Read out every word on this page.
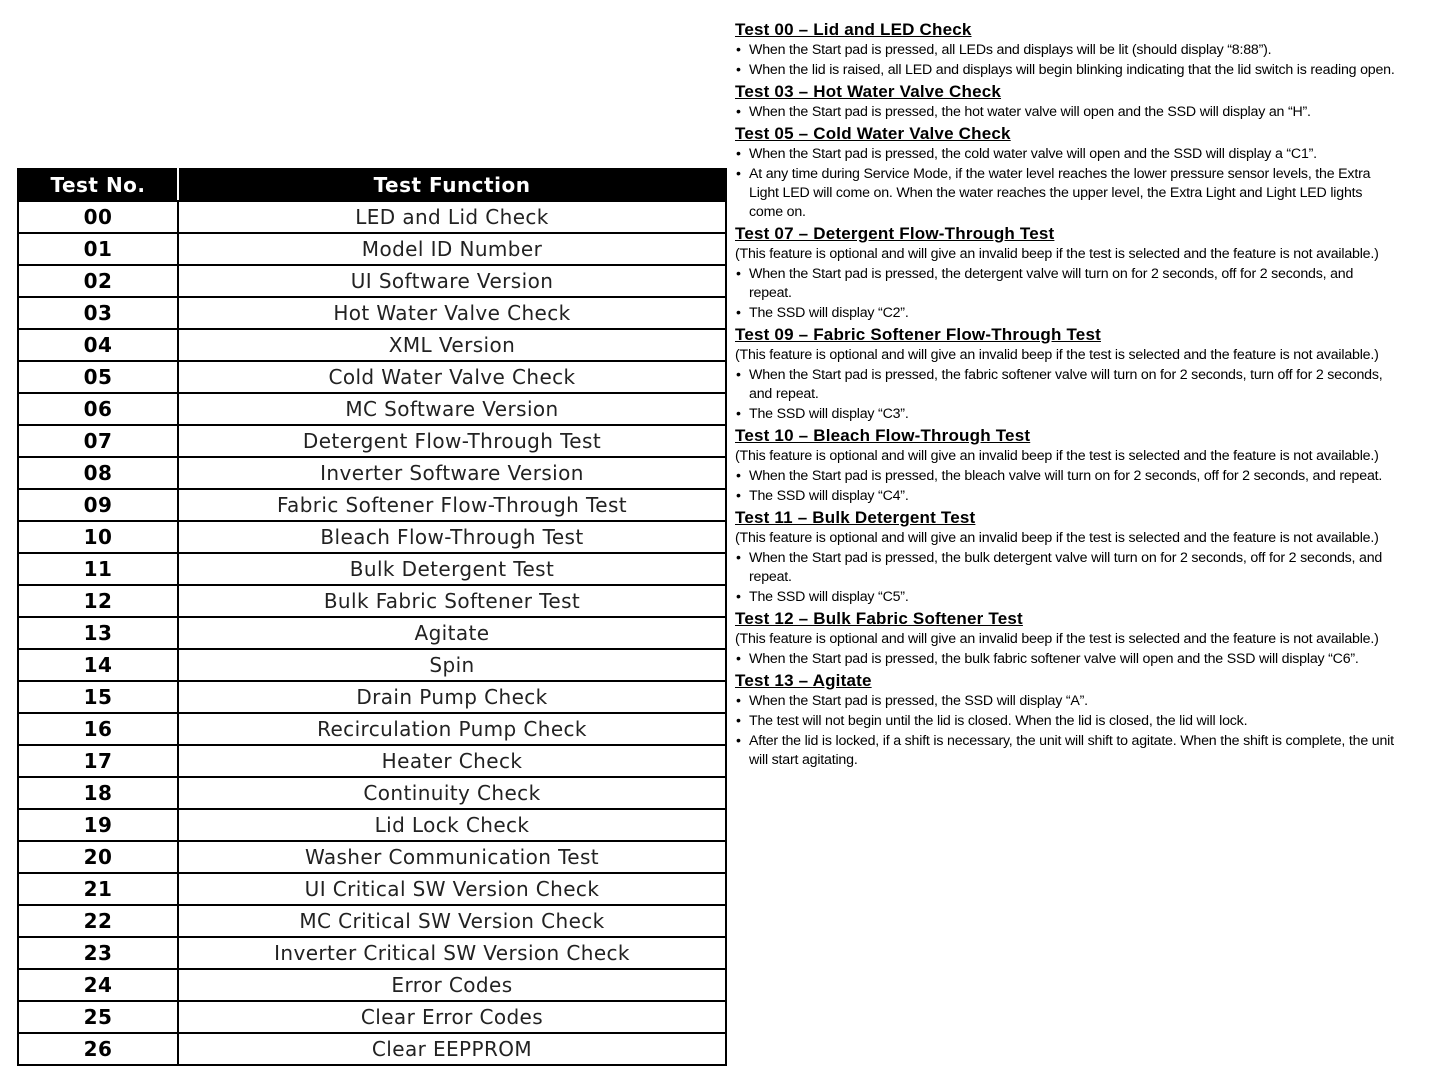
Test No.	Test Function
00	LED and Lid Check
01	Model ID Number
02	UI Software Version
03	Hot Water Valve Check
04	XML Version
05	Cold Water Valve Check
06	MC Software Version
07	Detergent Flow-Through Test
08	Inverter Software Version
09	Fabric Softener Flow-Through Test
10	Bleach Flow-Through Test
11	Bulk Detergent Test
12	Bulk Fabric Softener Test
13	Agitate
14	Spin
15	Drain Pump Check
16	Recirculation Pump Check
17	Heater Check
18	Continuity Check
19	Lid Lock Check
20	Washer Communication Test
21	UI Critical SW Version Check
22	MC Critical SW Version Check
23	Inverter Critical SW Version Check
24	Error Codes
25	Clear Error Codes
26	Clear EEPPROM
Test 00 – Lid and LED Check
• When the Start pad is pressed, all LEDs and displays will be lit (should display “8:88”).
• When the lid is raised, all LED and displays will begin blinking indicating that the lid switch is reading open.
Test 03 – Hot Water Valve Check
• When the Start pad is pressed, the hot water valve will open and the SSD will display an “H”.
Test 05 – Cold Water Valve Check
• When the Start pad is pressed, the cold water valve will open and the SSD will display a “C1”.
• At any time during Service Mode, if the water level reaches the lower pressure sensor levels, the Extra Light LED will come on. When the water reaches the upper level, the Extra Light and Light LED lights come on.
Test 07 – Detergent Flow-Through Test
(This feature is optional and will give an invalid beep if the test is selected and the feature is not available.)
• When the Start pad is pressed, the detergent valve will turn on for 2 seconds, off for 2 seconds, and repeat.
• The SSD will display “C2”.
Test 09 – Fabric Softener Flow-Through Test
(This feature is optional and will give an invalid beep if the test is selected and the feature is not available.)
• When the Start pad is pressed, the fabric softener valve will turn on for 2 seconds, turn off for 2 seconds, and repeat.
• The SSD will display “C3”.
Test 10 – Bleach Flow-Through Test
(This feature is optional and will give an invalid beep if the test is selected and the feature is not available.)
• When the Start pad is pressed, the bleach valve will turn on for 2 seconds, off for 2 seconds, and repeat.
• The SSD will display “C4”.
Test 11 – Bulk Detergent Test
(This feature is optional and will give an invalid beep if the test is selected and the feature is not available.)
• When the Start pad is pressed, the bulk detergent valve will turn on for 2 seconds, off for 2 seconds, and repeat.
• The SSD will display “C5”.
Test 12 – Bulk Fabric Softener Test
(This feature is optional and will give an invalid beep if the test is selected and the feature is not available.)
• When the Start pad is pressed, the bulk fabric softener valve will open and the SSD will display “C6”.
Test 13 – Agitate
• When the Start pad is pressed, the SSD will display “A”.
• The test will not begin until the lid is closed. When the lid is closed, the lid will lock.
• After the lid is locked, if a shift is necessary, the unit will shift to agitate. When the shift is complete, the unit will start agitating.
